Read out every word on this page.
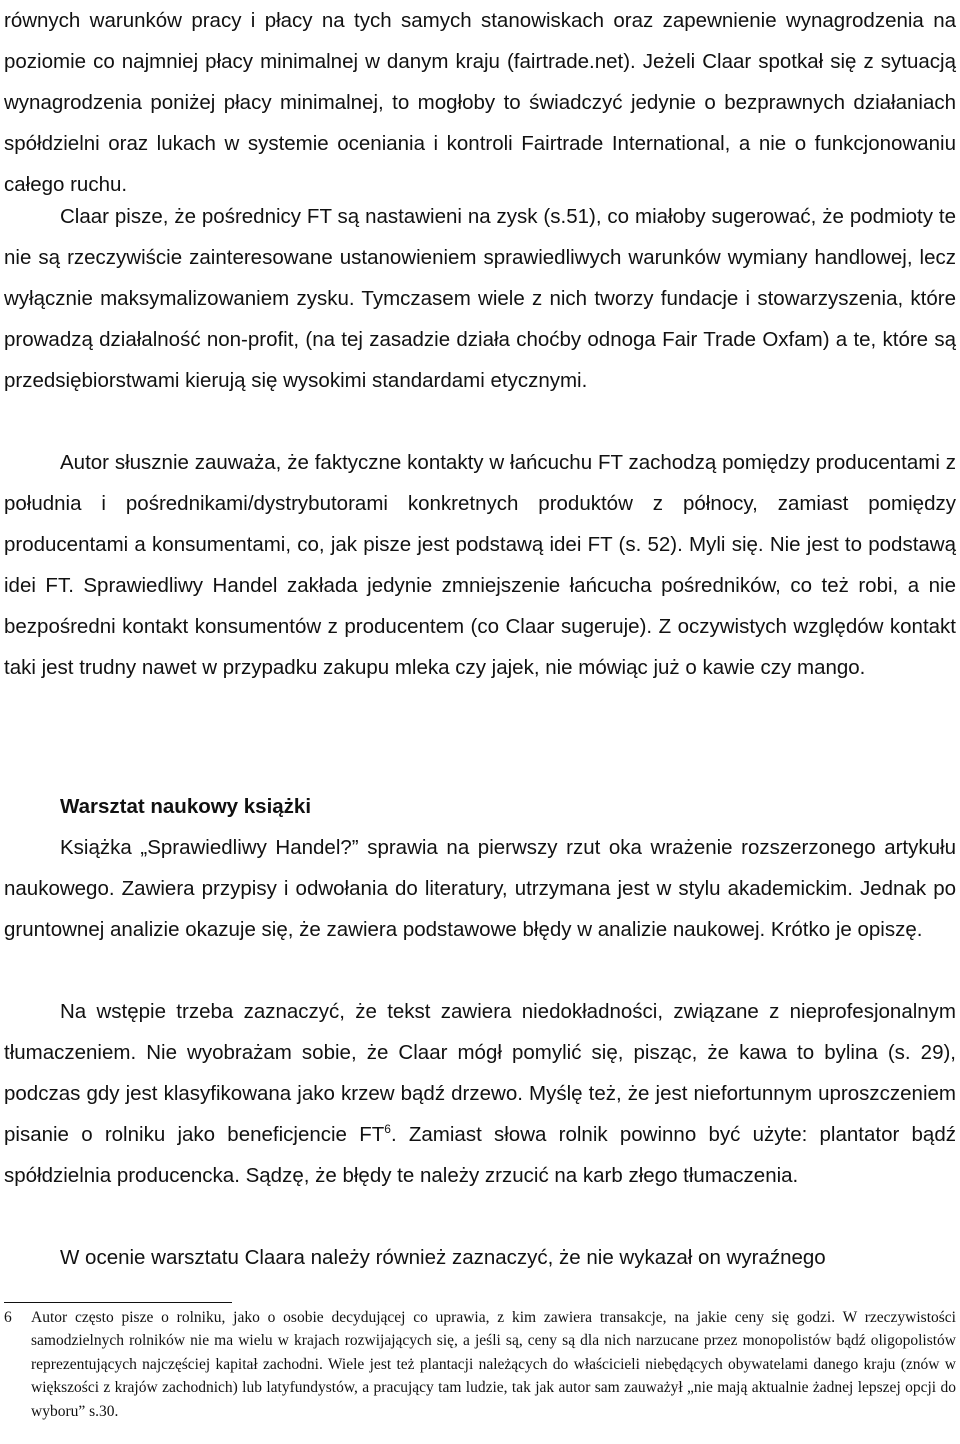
równych warunków pracy i płacy na tych samych stanowiskach oraz zapewnienie wynagrodzenia na poziomie co najmniej płacy minimalnej w danym kraju (fairtrade.net). Jeżeli Claar spotkał się z sytuacją wynagrodzenia poniżej płacy minimalnej, to mogłoby to świadczyć jedynie o bezprawnych działaniach spółdzielni oraz lukach w systemie oceniania i kontroli Fairtrade International, a nie o funkcjonowaniu całego ruchu.

Claar pisze, że pośrednicy FT są nastawieni na zysk (s.51), co miałoby sugerować, że podmioty te nie są rzeczywiście zainteresowane ustanowieniem sprawiedliwych warunków wymiany handlowej, lecz wyłącznie maksymalizowaniem zysku. Tymczasem wiele z nich tworzy fundacje i stowarzyszenia, które prowadzą działalność non-profit, (na tej zasadzie działa choćby odnoga Fair Trade Oxfam) a te, które są przedsiębiorstwami kierują się wysokimi standardami etycznymi.

Autor słusznie zauważa, że faktyczne kontakty w łańcuchu FT zachodzą pomiędzy producentami z południa i pośrednikami/dystrybutorami konkretnych produktów z północy, zamiast pomiędzy producentami a konsumentami, co, jak pisze jest podstawą idei FT (s. 52). Myli się. Nie jest to podstawą idei FT. Sprawiedliwy Handel zakłada jedynie zmniejszenie łańcucha pośredników, co też robi, a nie bezpośredni kontakt konsumentów z producentem (co Claar sugeruje). Z oczywistych względów kontakt taki jest trudny nawet w przypadku zakupu mleka czy jajek, nie mówiąc już o kawie czy mango.

Warsztat naukowy książki

Książka „Sprawiedliwy Handel?” sprawia na pierwszy rzut oka wrażenie rozszerzonego artykułu naukowego. Zawiera przypisy i odwołania do literatury, utrzymana jest w stylu akademickim. Jednak po gruntownej analizie okazuje się, że zawiera podstawowe błędy w analizie naukowej. Krótko je opiszę.

Na wstępie trzeba zaznaczyć, że tekst zawiera niedokładności, związane z nieprofesjonalnym tłumaczeniem. Nie wyobrażam sobie, że Claar mógł pomylić się, pisząc, że kawa to bylina (s. 29), podczas gdy jest klasyfikowana jako krzew bądź drzewo. Myślę też, że jest niefortunnym uproszczeniem pisanie o rolniku jako beneficjencie $FT^6$. Zamiast słowa rolnik powinno być użyte: plantator bądź spółdzielnia producencka. Sądzę, że błędy te należy zrzucić na karb złego tłumaczenia.

W ocenie warsztatu Claara należy również zaznaczyć, że nie wykazał on wyraźnego

6 Autor często pisze o rolniku, jako o osobie decydującej co uprawia, z kim zawiera transakcje, na jakie ceny się godzi. W rzeczywistości samodzielnych rolników nie ma wielu w krajach rozwijających się, a jeśli są, ceny są dla nich narzucane przez monopolistów bądź oligopolistów reprezentujących najczęściej kapitał zachodni. Wiele jest też plantacji należących do właścicieli niebędących obywatelami danego kraju (znów w większości z krajów zachodnich) lub latyfundystów, a pracujący tam ludzie, tak jak autor sam zauważył „nie mają aktualnie żadnej lepszej opcji do wyboru” s.30.
